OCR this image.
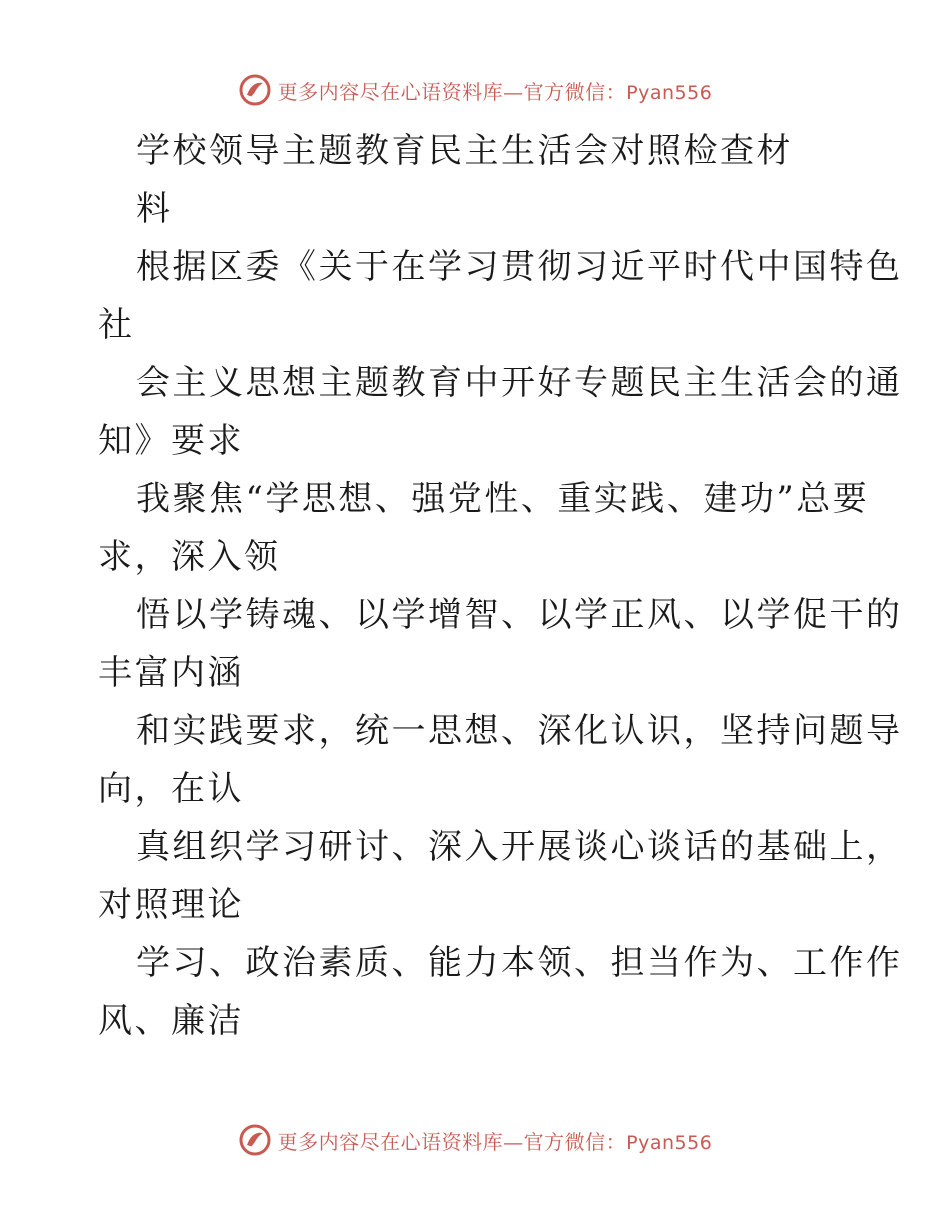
更多内容尽在心语资料库—官方微信：Pyan556
学校领导主题教育民主生活会对照检查材
料
根据区委《关于在学习贯彻习近平时代中国特色
社
会主义思想主题教育中开好专题民主生活会的通
知》要求
我聚焦“学思想、强党性、重实践、建功”总要
求，深入领
悟以学铸魂、以学增智、以学正风、以学促干的
丰富内涵
和实践要求，统一思想、深化认识，坚持问题导
向，在认
真组织学习研讨、深入开展谈心谈话的基础上，
对照理论
学习、政治素质、能力本领、担当作为、工作作
风、廉洁
更多内容尽在心语资料库—官方微信：Pyan556
